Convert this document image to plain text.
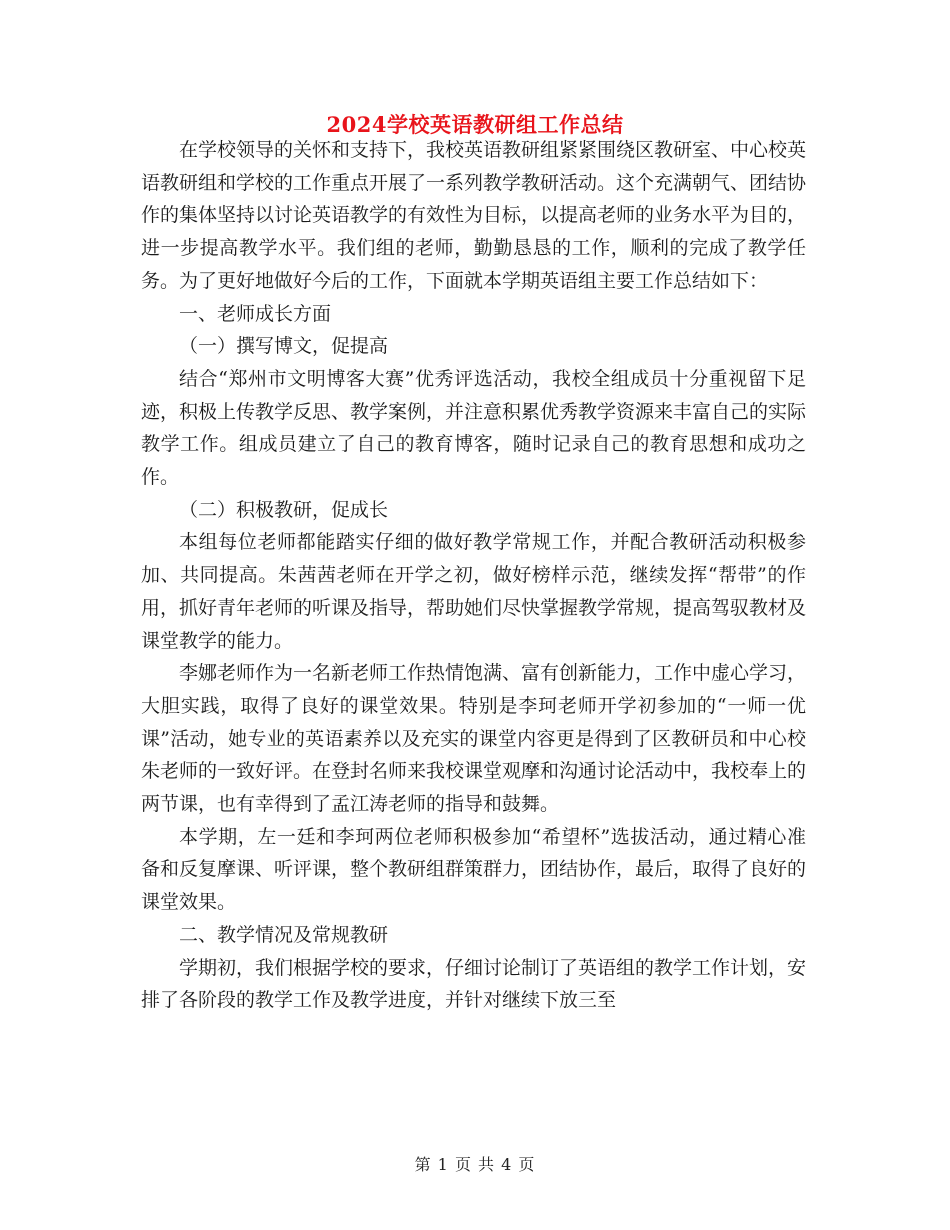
2024学校英语教研组工作总结

在学校领导的关怀和支持下，我校英语教研组紧紧围绕区教研室、中心校英语教研组和学校的工作重点开展了一系列教学教研活动。这个充满朝气、团结协作的集体坚持以讨论英语教学的有效性为目标，以提高老师的业务水平为目的，进一步提高教学水平。我们组的老师，勤勤恳恳的工作，顺利的完成了教学任务。为了更好地做好今后的工作，下面就本学期英语组主要工作总结如下：

一、老师成长方面

（一）撰写博文，促提高

结合“郑州市文明博客大赛”优秀评选活动，我校全组成员十分重视留下足迹，积极上传教学反思、教学案例，并注意积累优秀教学资源来丰富自己的实际教学工作。组成员建立了自己的教育博客，随时记录自己的教育思想和成功之作。

（二）积极教研，促成长

本组每位老师都能踏实仔细的做好教学常规工作，并配合教研活动积极参加、共同提高。朱茜茜老师在开学之初，做好榜样示范，继续发挥“帮带”的作用，抓好青年老师的听课及指导，帮助她们尽快掌握教学常规，提高驾驭教材及课堂教学的能力。

李娜老师作为一名新老师工作热情饱满、富有创新能力，工作中虚心学习，大胆实践，取得了良好的课堂效果。特别是李珂老师开学初参加的“一师一优课”活动，她专业的英语素养以及充实的课堂内容更是得到了区教研员和中心校朱老师的一致好评。在登封名师来我校课堂观摩和沟通讨论活动中，我校奉上的两节课，也有幸得到了孟江涛老师的指导和鼓舞。

本学期，左一廷和李珂两位老师积极参加“希望杯”选拔活动，通过精心准备和反复摩课、听评课，整个教研组群策群力，团结协作，最后，取得了良好的课堂效果。

二、教学情况及常规教研

学期初，我们根据学校的要求，仔细讨论制订了英语组的教学工作计划，安排了各阶段的教学工作及教学进度，并针对继续下放三至

第 1 页 共 4 页
